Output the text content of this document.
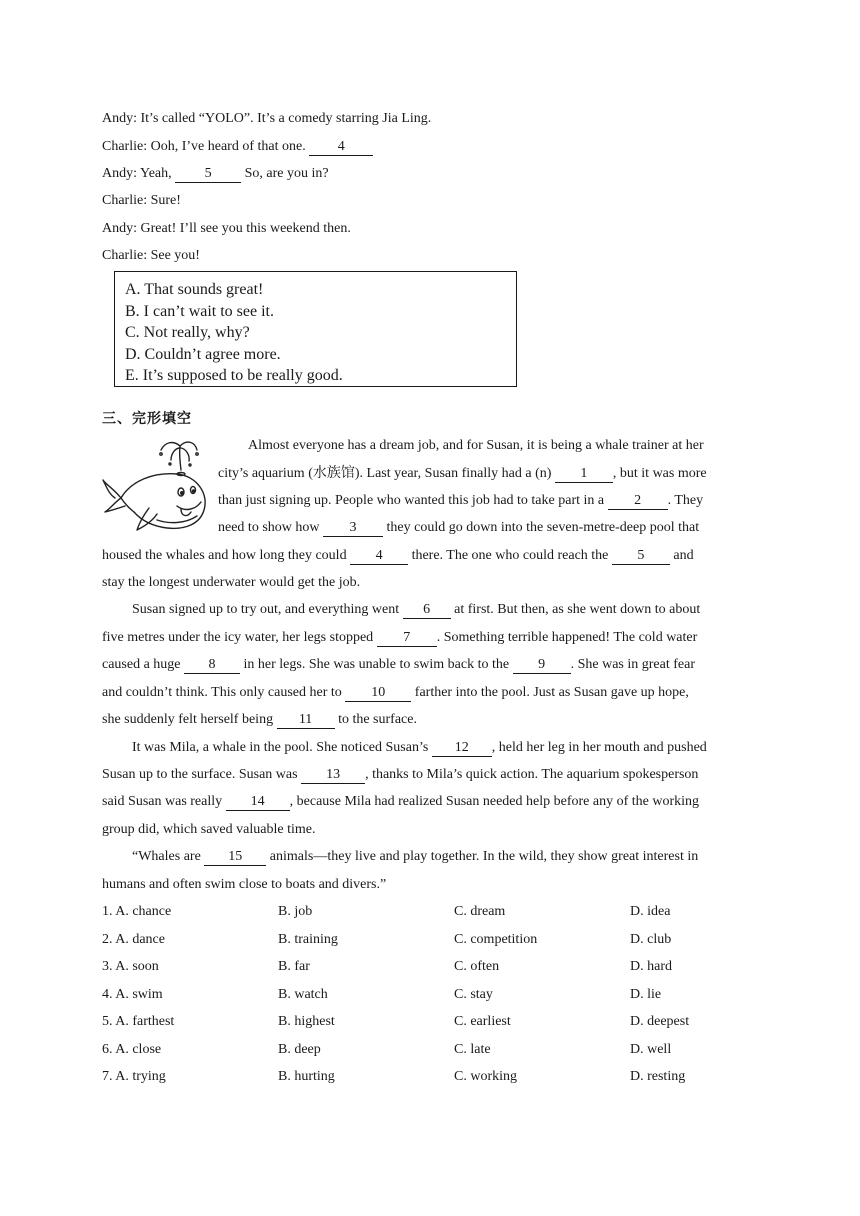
Andy: It’s called “YOLO”. It’s a comedy starring Jia Ling.
Charlie: Ooh, I’ve heard of that one. 4
Andy: Yeah, 5 So, are you in?
Charlie: Sure!
Andy: Great! I’ll see you this weekend then.
Charlie: See you!
A. That sounds great!
B. I can’t wait to see it.
C. Not really, why?
D. Couldn’t agree more.
E. It’s supposed to be really good.
三、完形填空
Almost everyone has a dream job, and for Susan, it is being a whale trainer at her
city’s aquarium (水族馆). Last year, Susan finally had a (n) 1 , but it was more
than just signing up. People who wanted this job had to take part in a 2 . They
need to show how 3 they could go down into the seven-metre-deep pool that
housed the whales and how long they could 4 there. The one who could reach the 5 and
stay the longest underwater would get the job.
Susan signed up to try out, and everything went 6 at first. But then, as she went down to about
five metres under the icy water, her legs stopped 7 . Something terrible happened! The cold water
caused a huge 8 in her legs. She was unable to swim back to the 9 . She was in great fear
and couldn’t think. This only caused her to 10 farther into the pool. Just as Susan gave up hope,
she suddenly felt herself being 11 to the surface.
It was Mila, a whale in the pool. She noticed Susan’s 12 , held her leg in her mouth and pushed
Susan up to the surface. Susan was 13 , thanks to Mila’s quick action. The aquarium spokesperson
said Susan was really 14 , because Mila had realized Susan needed help before any of the working
group did, which saved valuable time.
“Whales are 15 animals—they live and play together. In the wild, they show great interest in
humans and often swim close to boats and divers.”
1. A. chance	B. job	C. dream	D. idea
2. A. dance	B. training	C. competition	D. club
3. A. soon	B. far	C. often	D. hard
4. A. swim	B. watch	C. stay	D. lie
5. A. farthest	B. highest	C. earliest	D. deepest
6. A. close	B. deep	C. late	D. well
7. A. trying	B. hurting	C. working	D. resting
